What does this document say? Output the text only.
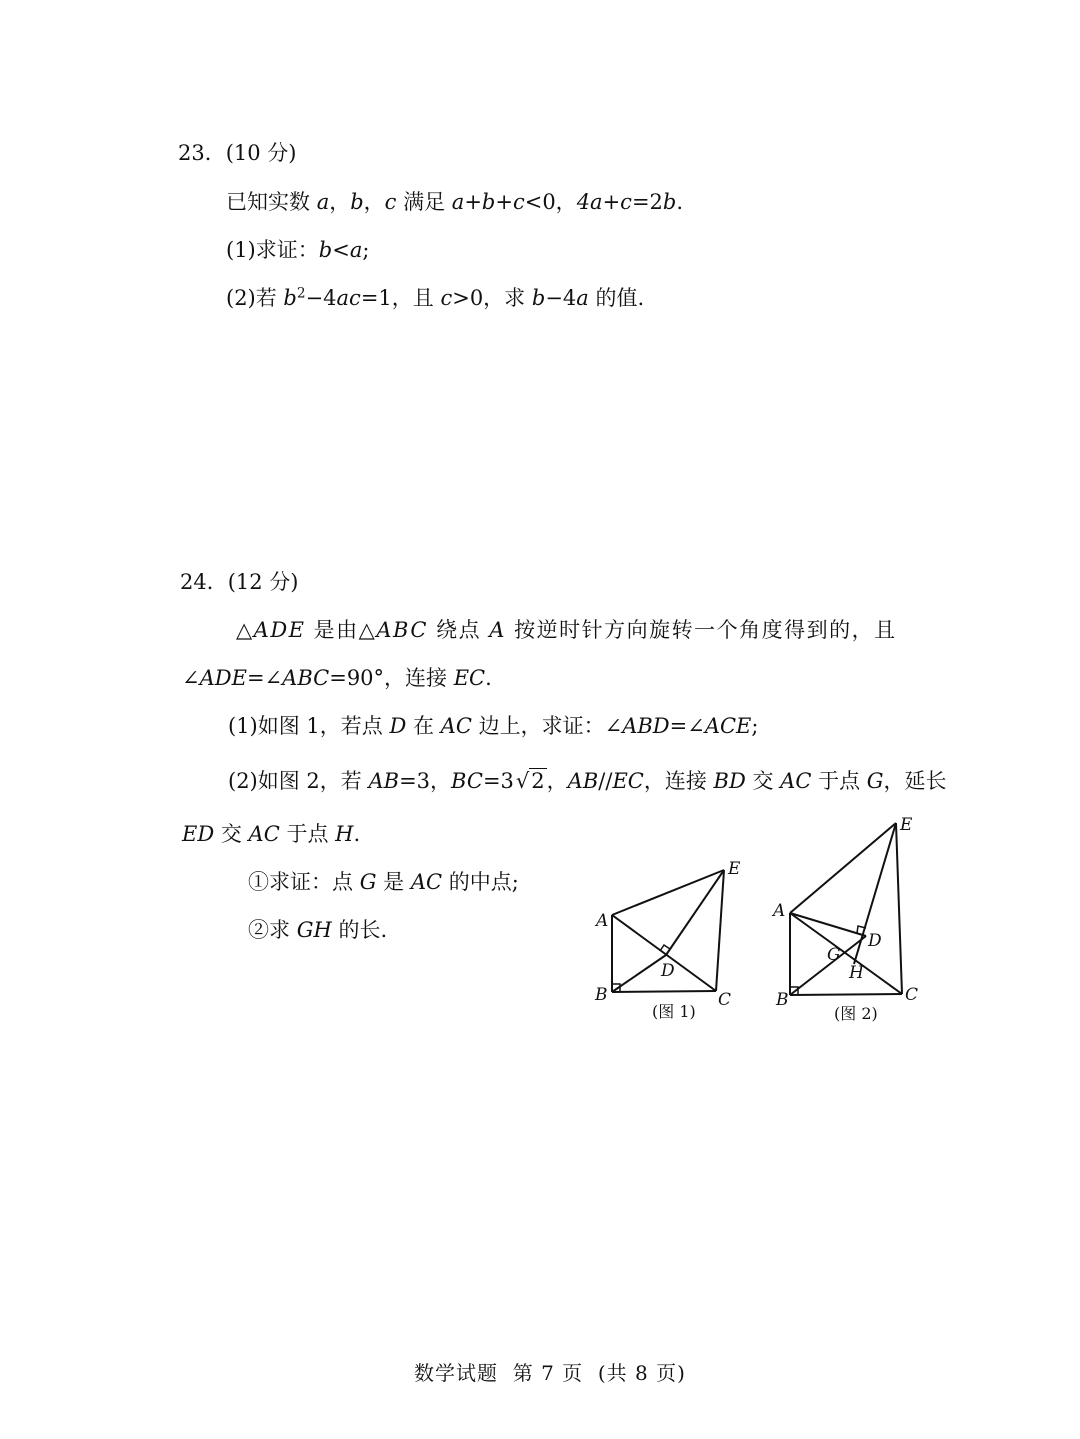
23．(10 分)
已知实数 a，b，c 满足 a+b+c<0，4a+c=2b.
(1)求证：b<a;
(2)若 $b^2-4ac=1$，且 c>0，求 b−4a 的值.
24．(12 分)
△ADE 是由△ABC 绕点 A 按逆时针方向旋转一个角度得到的，且
∠ADE=∠ABC=90°，连接 EC.
(1)如图 1，若点 D 在 AC 边上，求证：∠ABD=∠ACE;
(2)如图 2，若 AB=3，BC=3√2，AB//EC，连接 BD 交 AC 于点 G，延长
ED 交 AC 于点 H.
①求证：点 G 是 AC 的中点;
②求 GH 的长.	A
B	C
D
E
(图 1)
A
B	C
D
E
G
H
(图 2)
数学试题  第 7 页  (共 8 页)
